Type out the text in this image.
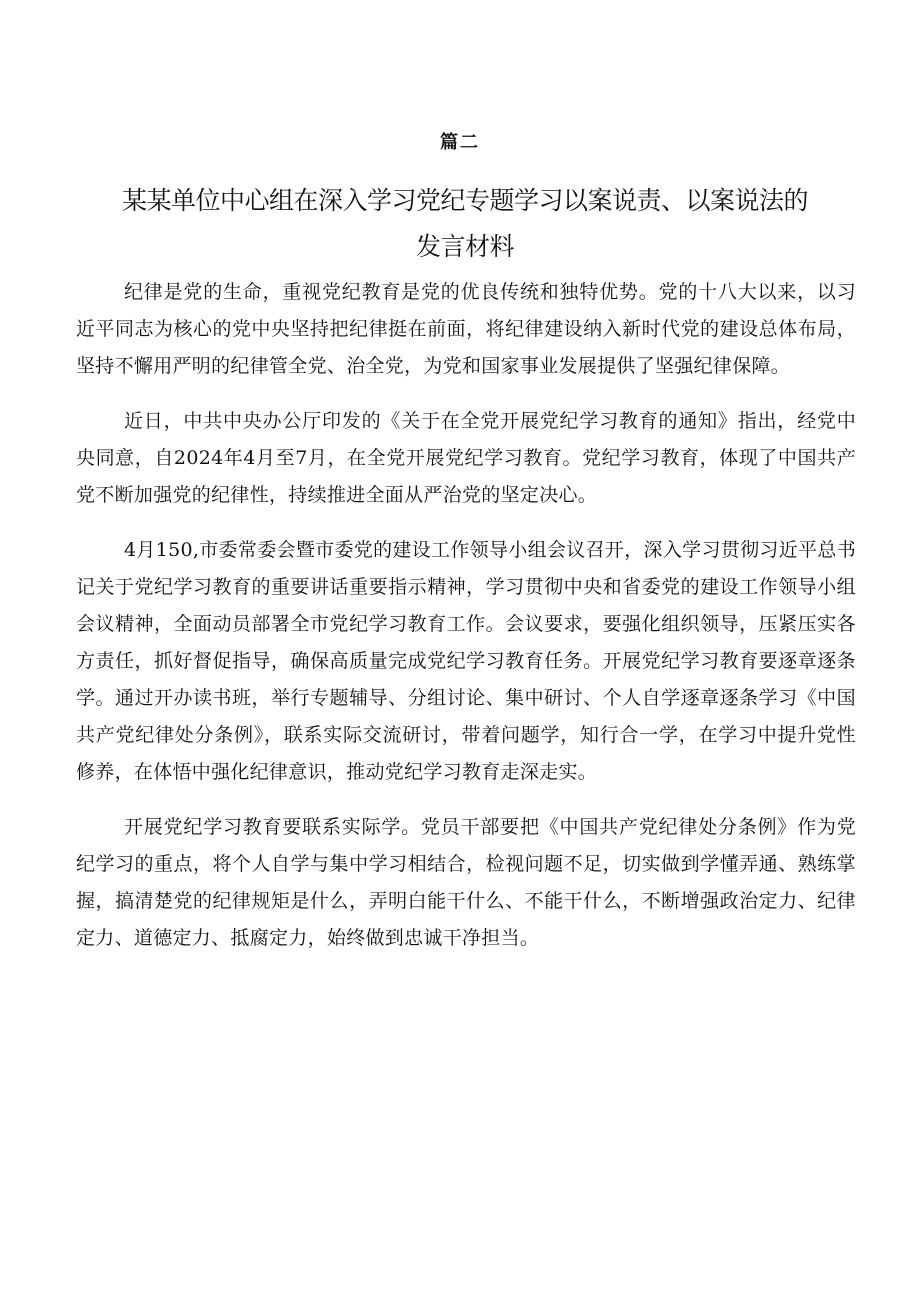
篇二
某某单位中心组在深入学习党纪专题学习以案说责、以案说法的发言材料

纪律是党的生命，重视党纪教育是党的优良传统和独特优势。党的十八大以来，以习近平同志为核心的党中央坚持把纪律挺在前面，将纪律建设纳入新时代党的建设总体布局，坚持不懈用严明的纪律管全党、治全党，为党和国家事业发展提供了坚强纪律保障。

近日，中共中央办公厅印发的《关于在全党开展党纪学习教育的通知》指出，经党中央同意，自2024年4月至7月，在全党开展党纪学习教育。党纪学习教育，体现了中国共产党不断加强党的纪律性，持续推进全面从严治党的坚定决心。

4月150,市委常委会暨市委党的建设工作领导小组会议召开，深入学习贯彻习近平总书记关于党纪学习教育的重要讲话重要指示精神，学习贯彻中央和省委党的建设工作领导小组会议精神，全面动员部署全市党纪学习教育工作。会议要求，要强化组织领导，压紧压实各方责任，抓好督促指导，确保高质量完成党纪学习教育任务。开展党纪学习教育要逐章逐条学。通过开办读书班，举行专题辅导、分组讨论、集中研讨、个人自学逐章逐条学习《中国共产党纪律处分条例》，联系实际交流研讨，带着问题学，知行合一学，在学习中提升党性修养，在体悟中强化纪律意识，推动党纪学习教育走深走实。

开展党纪学习教育要联系实际学。党员干部要把《中国共产党纪律处分条例》作为党纪学习的重点，将个人自学与集中学习相结合，检视问题不足，切实做到学懂弄通、熟练掌握，搞清楚党的纪律规矩是什么，弄明白能干什么、不能干什么，不断增强政治定力、纪律定力、道德定力、抵腐定力，始终做到忠诚干净担当。
